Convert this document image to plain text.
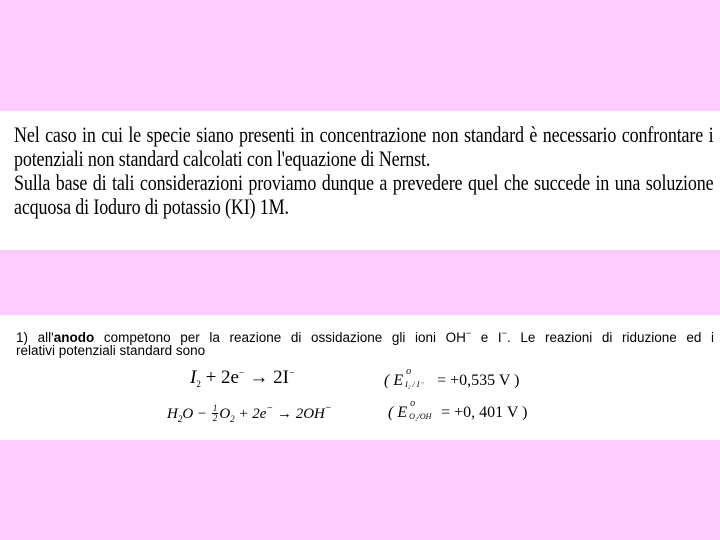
Nel caso in cui le specie siano presenti in concentrazione non standard è necessario confrontare i

potenziali non standard calcolati con l'equazione di Nernst.

Sulla base di tali considerazioni proviamo dunque a prevedere quel che succede in una soluzione

acquosa di Ioduro di potassio (KI) 1M.

1) all'anodo competono per la reazione di ossidazione gli ioni OH− e I−. Le reazioni di riduzione ed i

relativi potenziali standard sono

$I_2 + 2e^- \to 2I^-$	( E
o
I₂ / I⁻ = +0,535 V )
$H_2O - \frac{1}{2} O_2 + 2e^- \to 2OH^-$	( E
o
O₂/OH = +0, 401 V )
